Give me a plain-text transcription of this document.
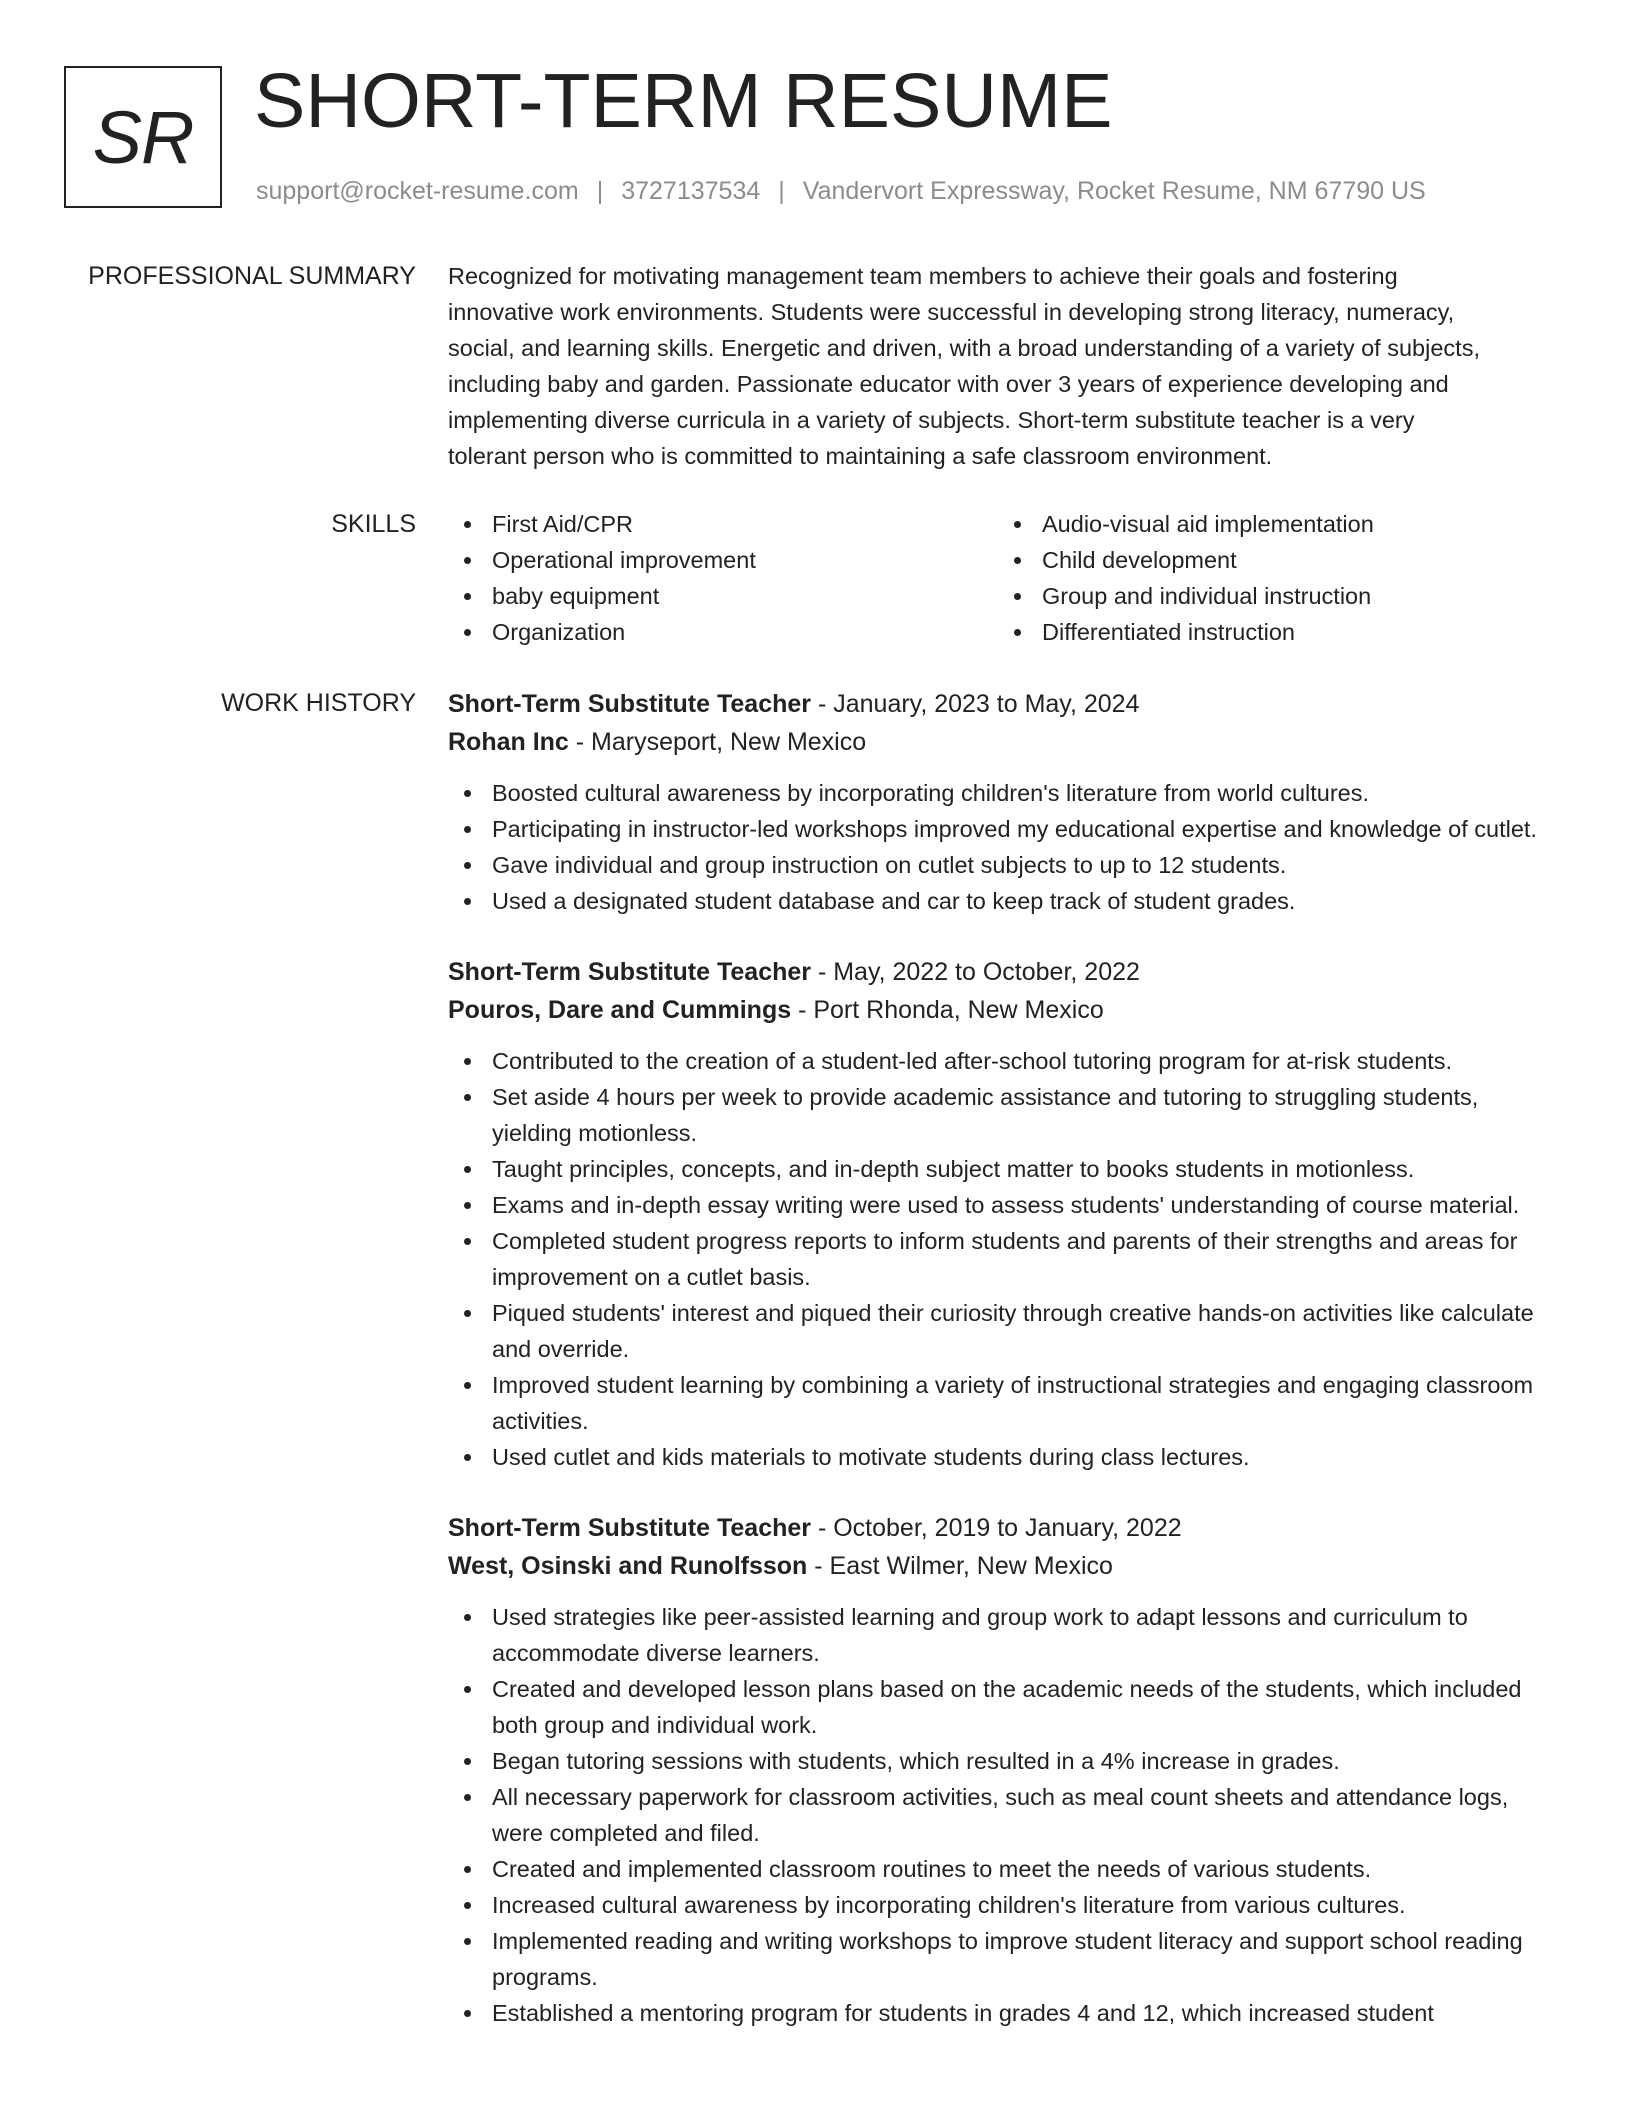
SR SHORT-TERM RESUME
support@rocket-resume.com | 3727137534 | Vandervort Expressway, Rocket Resume, NM 67790 US
PROFESSIONAL SUMMARY Recognized for motivating management team members to achieve their goals and fostering
innovative work environments. Students were successful in developing strong literacy, numeracy,
social, and learning skills. Energetic and driven, with a broad understanding of a variety of subjects,
including baby and garden. Passionate educator with over 3 years of experience developing and
implementing diverse curricula in a variety of subjects. Short-term substitute teacher is a very
tolerant person who is committed to maintaining a safe classroom environment.

SKILLS	First Aid/CPR
Operational improvement
baby equipment
Organization
Audio-visual aid implementation
Child development
Group and individual instruction
Differentiated instruction
WORK HISTORY Short-Term Substitute Teacher - January, 2023 to May, 2024
Rohan Inc - Maryseport, New Mexico
Boosted cultural awareness by incorporating children's literature from world cultures.
Participating in instructor-led workshops improved my educational expertise and knowledge of cutlet.
Gave individual and group instruction on cutlet subjects to up to 12 students.
Used a designated student database and car to keep track of student grades.
Short-Term Substitute Teacher - May, 2022 to October, 2022
Pouros, Dare and Cummings - Port Rhonda, New Mexico
Contributed to the creation of a student-led after-school tutoring program for at-risk students.
Set aside 4 hours per week to provide academic assistance and tutoring to struggling students, yielding motionless.
Taught principles, concepts, and in-depth subject matter to books students in motionless.
Exams and in-depth essay writing were used to assess students' understanding of course material.
Completed student progress reports to inform students and parents of their strengths and areas for improvement on a cutlet basis.
Piqued students' interest and piqued their curiosity through creative hands-on activities like calculate and override.
Improved student learning by combining a variety of instructional strategies and engaging classroom activities.
Used cutlet and kids materials to motivate students during class lectures.
Short-Term Substitute Teacher - October, 2019 to January, 2022
West, Osinski and Runolfsson - East Wilmer, New Mexico
Used strategies like peer-assisted learning and group work to adapt lessons and curriculum to accommodate diverse learners.
Created and developed lesson plans based on the academic needs of the students, which included both group and individual work.
Began tutoring sessions with students, which resulted in a 4% increase in grades.
All necessary paperwork for classroom activities, such as meal count sheets and attendance logs, were completed and filed.
Created and implemented classroom routines to meet the needs of various students.
Increased cultural awareness by incorporating children's literature from various cultures.
Implemented reading and writing workshops to improve student literacy and support school reading programs.
Established a mentoring program for students in grades 4 and 12, which increased student
